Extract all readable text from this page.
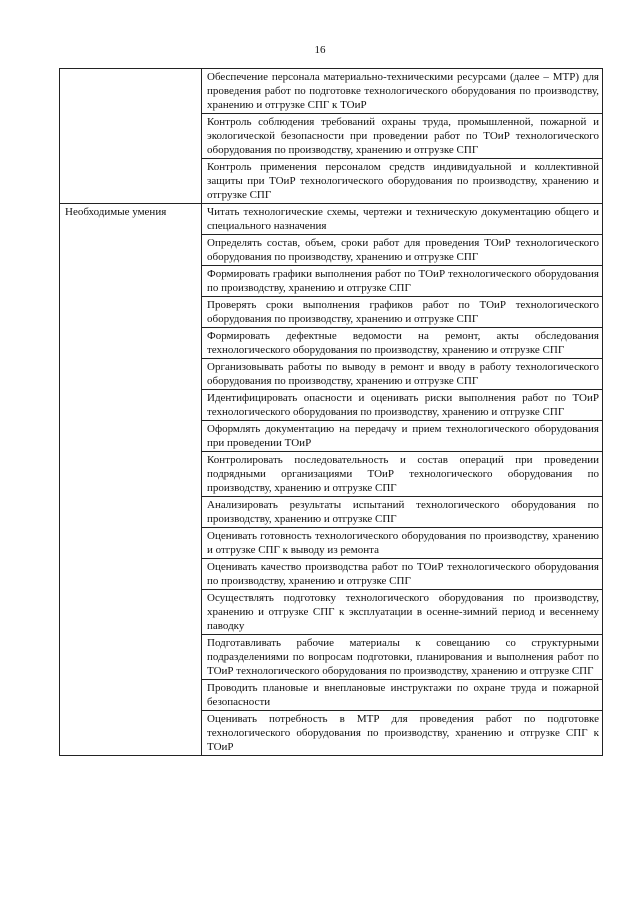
16
	Обеспечение персонала материально-техническими ресурсами (далее – МТР) для проведения работ по подготовке технологического оборудования по производству, хранению и отгрузке СПГ к ТОиР
	Контроль соблюдения требований охраны труда, промышленной, пожарной и экологической безопасности при проведении работ по ТОиР технологического оборудования по производству, хранению и отгрузке СПГ
	Контроль применения персоналом средств индивидуальной и коллективной защиты при ТОиР технологического оборудования по производству, хранению и отгрузке СПГ
Необходимые умения	Читать технологические схемы, чертежи и техническую документацию общего и специального назначения
	Определять состав, объем, сроки работ для проведения ТОиР технологического оборудования по производству, хранению и отгрузке СПГ
	Формировать графики выполнения работ по ТОиР технологического оборудования по производству, хранению и отгрузке СПГ
	Проверять сроки выполнения графиков работ по ТОиР технологического оборудования по производству, хранению и отгрузке СПГ
	Формировать дефектные ведомости на ремонт, акты обследования технологического оборудования по производству, хранению и отгрузке СПГ
	Организовывать работы по выводу в ремонт и вводу в работу технологического оборудования по производству, хранению и отгрузке СПГ
	Идентифицировать опасности и оценивать риски выполнения работ по ТОиР технологического оборудования по производству, хранению и отгрузке СПГ
	Оформлять документацию на передачу и прием технологического оборудования при проведении ТОиР
	Контролировать последовательность и состав операций при проведении подрядными организациями ТОиР технологического оборудования по производству, хранению и отгрузке СПГ
	Анализировать результаты испытаний технологического оборудования по производству, хранению и отгрузке СПГ
	Оценивать готовность технологического оборудования по производству, хранению и отгрузке СПГ к выводу из ремонта
	Оценивать качество производства работ по ТОиР технологического оборудования по производству, хранению и отгрузке СПГ
	Осуществлять подготовку технологического оборудования по производству, хранению и отгрузке СПГ к эксплуатации в осенне-зимний период и весеннему паводку
	Подготавливать рабочие материалы к совещанию со структурными подразделениями по вопросам подготовки, планирования и выполнения работ по ТОиР технологического оборудования по производству, хранению и отгрузке СПГ
	Проводить плановые и внеплановые инструктажи по охране труда и пожарной безопасности
	Оценивать потребность в МТР для проведения работ по подготовке технологического оборудования по производству, хранению и отгрузке СПГ к ТОиР
